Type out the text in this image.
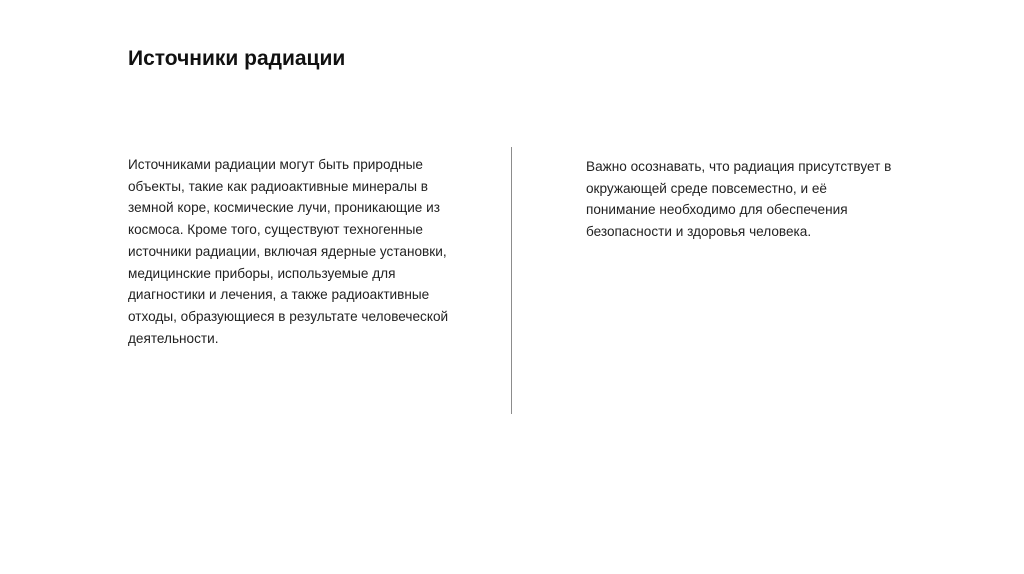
Источники радиации

Источниками радиации могут быть природные объекты, такие как радиоактивные минералы в земной коре, космические лучи, проникающие из космоса. Кроме того, существуют техногенные источники радиации, включая ядерные установки, медицинские приборы, используемые для диагностики и лечения, а также радиоактивные отходы, образующиеся в результате человеческой деятельности.

Важно осознавать, что радиация присутствует в окружающей среде повсеместно, и её понимание необходимо для обеспечения безопасности и здоровья человека.
